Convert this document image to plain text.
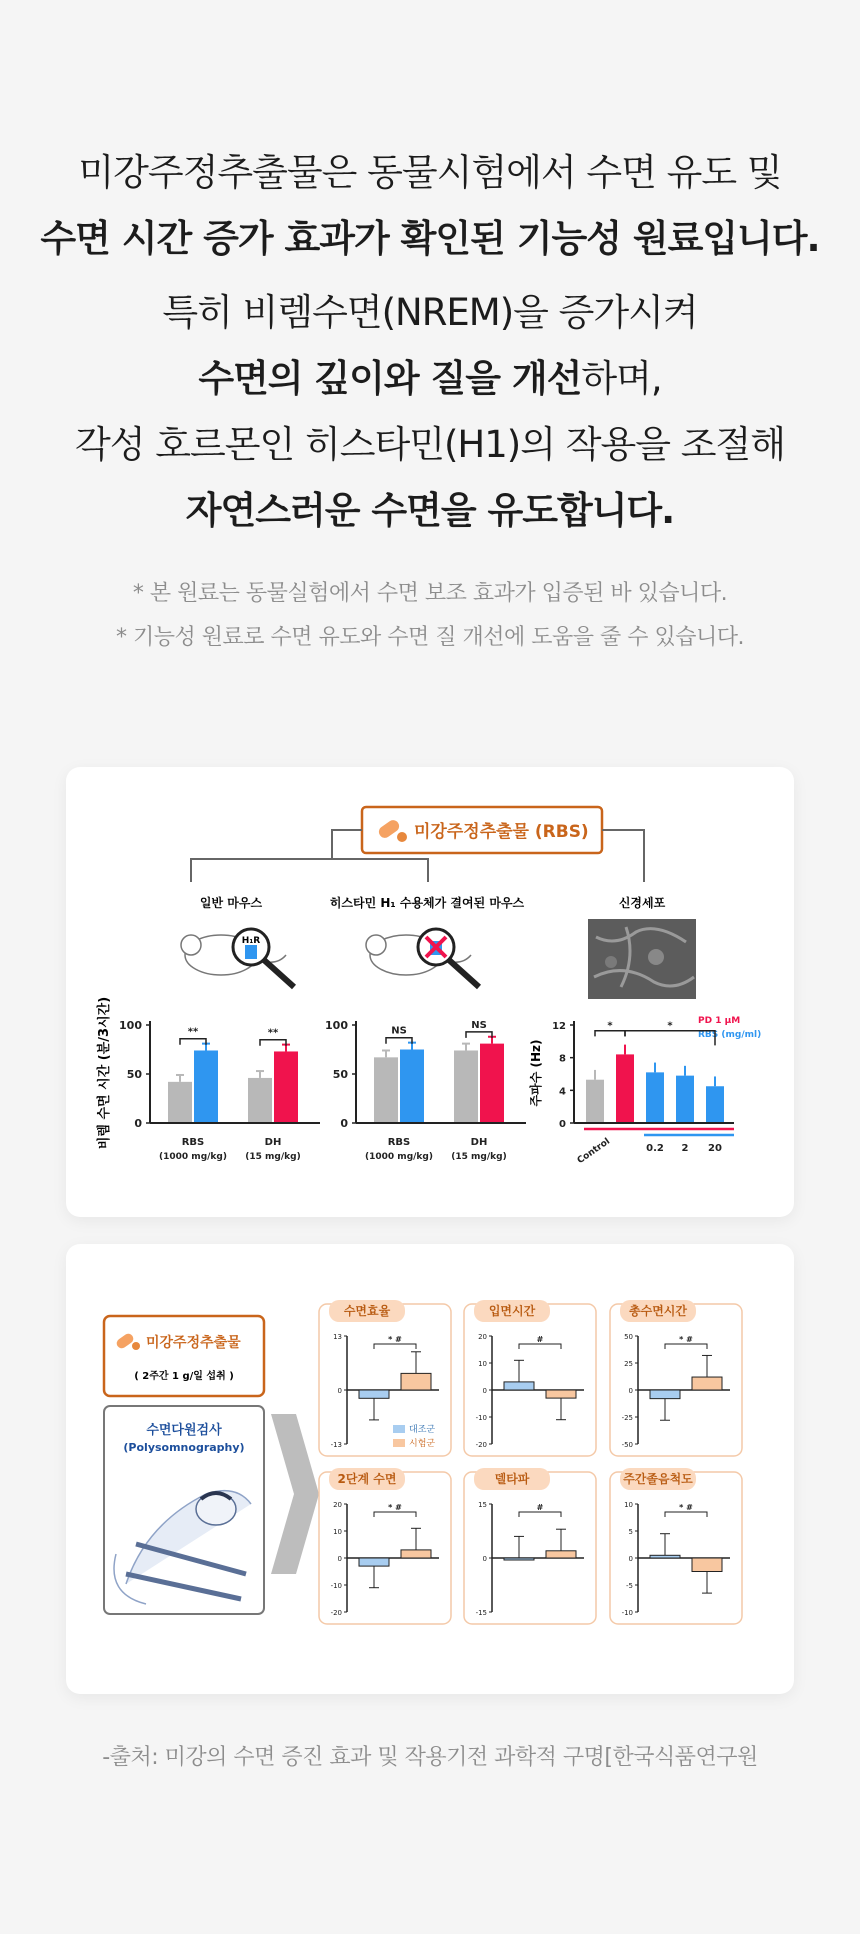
미강주정추출물은 동물시험에서 수면 유도 및
수면 시간 증가 효과가 확인된 기능성 원료입니다.
특히 비렘수면(NREM)을 증가시켜
수면의 깊이와 질을 개선하며,
각성 호르몬인 히스타민(H1)의 작용을 조절해
자연스러운 수면을 유도합니다.
* 본 원료는 동물실험에서 수면 보조 효과가 입증된 바 있습니다.
* 기능성 원료로 수면 유도와 수면 질 개선에 도움을 줄 수 있습니다.
미강주정추출물 (RBS)
일반 마우스	히스타민 H₁ 수용체가 결여된 마우스	신경세포
H₁R
비렘 수면 시간 (분/3시간)	주파수 (Hz)
PD 1 μM
RBS (mg/ml)
0
50
100
**
RBS
(1000 mg/kg)
**
DH
(15 mg/kg)
0
50
100	NS
RBS
(1000 mg/kg)
NS
DH
(15 mg/kg)
0
4
8
12	*	*
Control	0.2 2 20
미강주정추출물
( 2주간 1 g/일 섭취 )
수면다원검사
(Polysomnography)
수면효율
13
0
-13
* #
대조군
시험군
입면시간
20
10
0
-10
-20
#
총수면시간
50
25
0
-25
-50
* #
2단계 수면
20
10
0
-10
-20
* #
델타파
15
0
-15
#
주간졸음척도
10
5
0
-5
-10
* #
-출처: 미강의 수면 증진 효과 및 작용기전 과학적 구명[한국식품연구원
